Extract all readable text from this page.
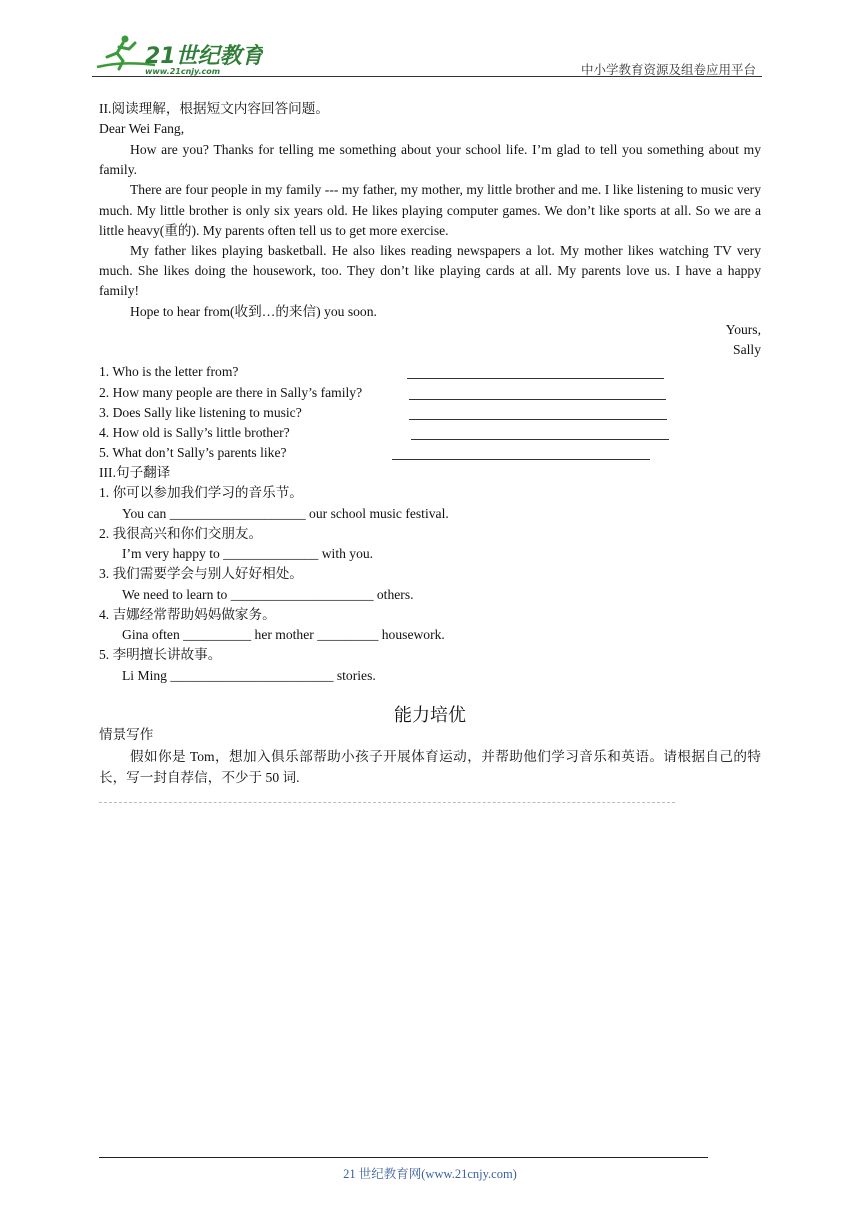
21世纪教育
www.21cnjy.com	中小学教育资源及组卷应用平台
II.阅读理解，根据短文内容回答问题。
Dear Wei Fang,

How are you? Thanks for telling me something about your school life. I’m glad to tell you something about my family.

There are four people in my family --- my father, my mother, my little brother and me. I like listening to music very much. My little brother is only six years old. He likes playing computer games. We don’t like sports at all. So we are a little heavy(重的). My parents often tell us to get more exercise.

My father likes playing basketball. He also likes reading newspapers a lot. My mother likes watching TV very much. She likes doing the housework, too. They don’t like playing cards at all. My parents love us. I have a happy family!

Hope to hear from(收到…的来信) you soon.

Yours,
Sally
1. Who is the letter from?
2. How many people are there in Sally’s family?
3. Does Sally like listening to music?
4. How old is Sally’s little brother?
5. What don’t Sally’s parents like?
III.句子翻译
1. 你可以参加我们学习的音乐节。
You can ____________________ our school music festival.
2. 我很高兴和你们交朋友。
I’m very happy to ______________ with you.
3. 我们需要学会与别人好好相处。
We need to learn to _____________________ others.
4. 吉娜经常帮助妈妈做家务。
Gina often __________ her mother _________ housework.
5. 李明擅长讲故事。
Li Ming ________________________ stories.
能力培优
情景写作

假如你是 Tom，想加入俱乐部帮助小孩子开展体育运动，并帮助他们学习音乐和英语。请根据自己的特长，写一封自荐信，不少于 50 词.

21 世纪教育网(www.21cnjy.com)
